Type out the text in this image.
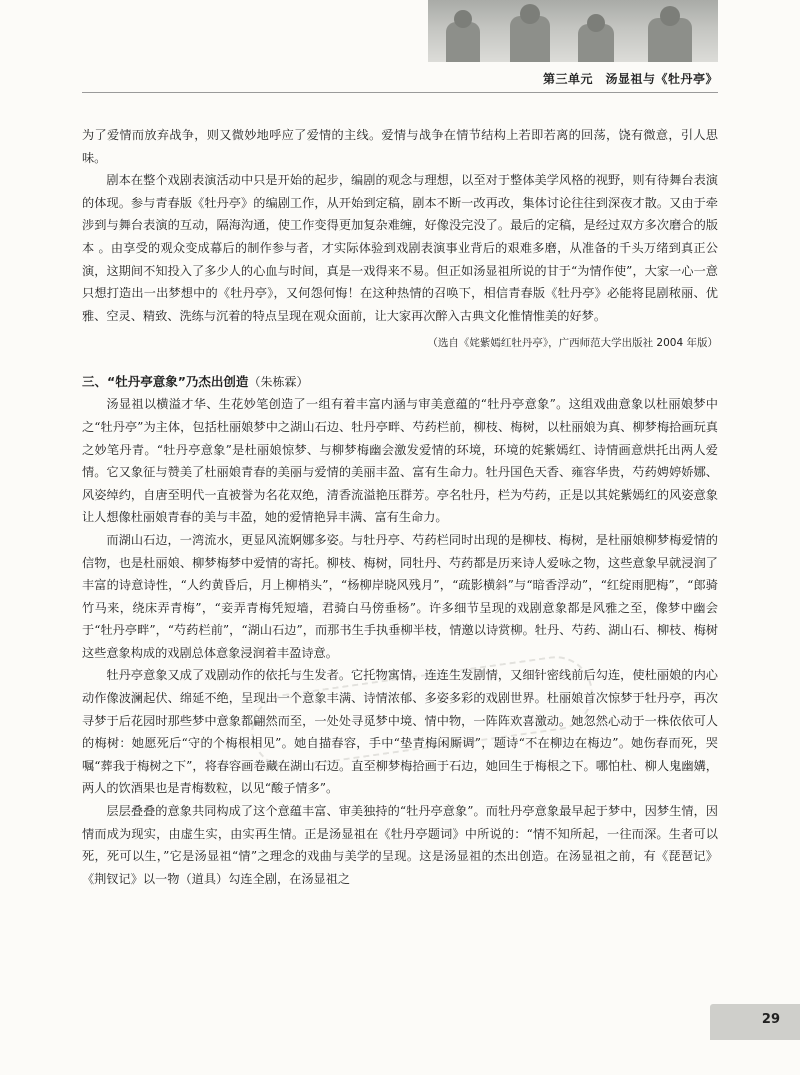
第三单元　汤显祖与《牡丹亭》

为了爱情而放弃战争，则又微妙地呼应了爱情的主线。爱情与战争在情节结构上若即若离的回荡，饶有微意，引人思味。

剧本在整个戏剧表演活动中只是开始的起步，编剧的观念与理想，以至对于整体美学风格的视野，则有待舞台表演的体现。参与青春版《牡丹亭》的编剧工作，从开始到定稿，剧本不断一改再改，集体讨论往往到深夜才散。又由于牵涉到与舞台表演的互动，隔海沟通，使工作变得更加复杂难缠，好像没完没了。最后的定稿，是经过双方多次磨合的版本 。由享受的观众变成幕后的制作参与者，才实际体验到戏剧表演事业背后的艰难多磨，从准备的千头万绪到真正公演，这期间不知投入了多少人的心血与时间，真是一戏得来不易。但正如汤显祖所说的甘于“为情作使”，大家一心一意只想打造出一出梦想中的《牡丹亭》，又何怨何悔！在这种热情的召唤下，相信青春版《牡丹亭》必能将昆剧秾丽、优雅、空灵、精致、洗练与沉着的特点呈现在观众面前，让大家再次醉入古典文化惟情惟美的好梦。

（选自《姹紫嫣红牡丹亭》，广西师范大学出版社 2004 年版）

三、“牡丹亭意象”乃杰出创造（朱栋霖）

汤显祖以横溢才华、生花妙笔创造了一组有着丰富内涵与审美意蕴的“牡丹亭意象”。这组戏曲意象以杜丽娘梦中之“牡丹亭”为主体，包括杜丽娘梦中之湖山石边、牡丹亭畔、芍药栏前，柳枝、梅树，以杜丽娘为真、柳梦梅拾画玩真之妙笔丹青。“牡丹亭意象”是杜丽娘惊梦、与柳梦梅幽会激发爱情的环境，环境的姹紫嫣红、诗情画意烘托出两人爱情。它又象征与赞美了杜丽娘青春的美丽与爱情的美丽丰盈、富有生命力。牡丹国色天香、雍容华贵，芍药娉婷娇娜、风姿绰约，自唐至明代一直被誉为名花双绝，清香流溢艳压群芳。亭名牡丹，栏为芍药，正是以其姹紫嫣红的风姿意象让人想像杜丽娘青春的美与丰盈，她的爱情艳异丰满、富有生命力。

而湖山石边，一湾流水，更显风流婀娜多姿。与牡丹亭、芍药栏同时出现的是柳枝、梅树，是杜丽娘柳梦梅爱情的信物，也是杜丽娘、柳梦梅梦中爱情的寄托。柳枝、梅树，同牡丹、芍药都是历来诗人爱咏之物，这些意象早就浸润了丰富的诗意诗性，“人约黄昏后，月上柳梢头”，“杨柳岸晓风残月”，“疏影横斜”与“暗香浮动”，“红绽雨肥梅”，“郎骑竹马来，绕床弄青梅”，“妾弄青梅凭短墙，君骑白马傍垂杨”。许多细节呈现的戏剧意象都是风雅之至，像梦中幽会于“牡丹亭畔”，“芍药栏前”，“湖山石边”，而那书生手执垂柳半枝，情邀以诗赏柳。牡丹、芍药、湖山石、柳枝、梅树这些意象构成的戏剧总体意象浸润着丰盈诗意。

牡丹亭意象又成了戏剧动作的依托与生发者。它托物寓情，连连生发剧情，又细针密线前后勾连，使杜丽娘的内心动作像波澜起伏、绵延不绝，呈现出一个意象丰满、诗情浓郁、多姿多彩的戏剧世界。杜丽娘首次惊梦于牡丹亭，再次寻梦于后花园时那些梦中意象都翩然而至，一处处寻觅梦中境、情中物，一阵阵欢喜激动。她忽然心动于一株依依可人的梅树：她愿死后“守的个梅根相见”。她自描春容，手中“垫青梅闲厮调”，题诗“不在柳边在梅边”。她伤春而死，哭嘱“葬我于梅树之下”，将春容画卷藏在湖山石边。直至柳梦梅拾画于石边，她回生于梅根之下。哪怕杜、柳人鬼幽媾，两人的饮酒果也是青梅数粒，以见“酸子情多”。

层层叠叠的意象共同构成了这个意蕴丰富、审美独持的“牡丹亭意象”。而牡丹亭意象最早起于梦中，因梦生情，因情而成为现实，由虚生实，由实再生情。正是汤显祖在《牡丹亭题词》中所说的：“情不知所起，一往而深。生者可以死，死可以生，”它是汤显祖“情”之理念的戏曲与美学的呈现。这是汤显祖的杰出创造。在汤显祖之前，有《琵琶记》《荆钗记》以一物（道具）勾连全剧，在汤显祖之

29
